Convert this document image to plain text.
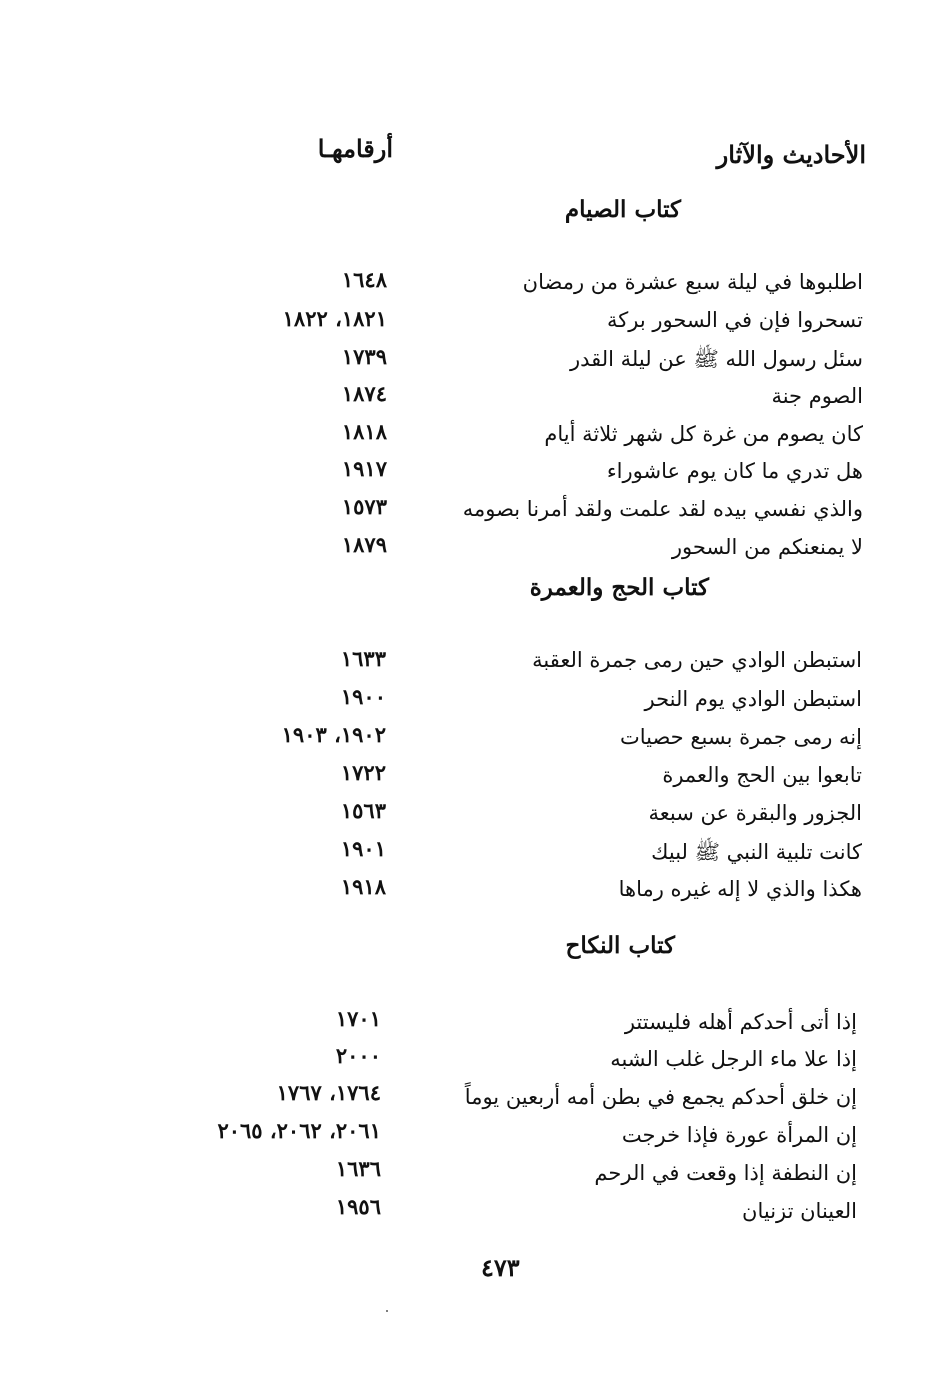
الأحاديث والآثار
أرقامهـا
كتاب الصيام
اطلبوها في ليلة سبع عشرة من رمضان
١٦٤٨
تسحروا فإن في السحور بركة
١٨٢١، ١٨٢٢
سئل رسول الله ﷺ عن ليلة القدر
١٧٣٩
الصوم جنة
١٨٧٤
كان يصوم من غرة كل شهر ثلاثة أيام
١٨١٨
هل تدري ما كان يوم عاشوراء
١٩١٧
والذي نفسي بيده لقد علمت ولقد أمرنا بصومه
١٥٧٣
لا يمنعنكم من السحور
١٨٧٩
كتاب الحج والعمرة
استبطن الوادي حين رمى جمرة العقبة
١٦٣٣
استبطن الوادي يوم النحر
١٩٠٠
إنه رمى جمرة بسبع حصيات
١٩٠٢، ١٩٠٣
تابعوا بين الحج والعمرة
١٧٢٢
الجزور والبقرة عن سبعة
١٥٦٣
كانت تلبية النبي ﷺ لبيك
١٩٠١
هكذا والذي لا إله غيره رماها
١٩١٨
كتاب النكاح
إذا أتى أحدكم أهله فليستتر
١٧٠١
إذا علا ماء الرجل غلب الشبه
٢٠٠٠
إن خلق أحدكم يجمع في بطن أمه أربعين يوماً
١٧٦٤، ١٧٦٧
إن المرأة عورة فإذا خرجت
٢٠٦١، ٢٠٦٢، ٢٠٦٥
إن النطفة إذا وقعت في الرحم
١٦٣٦
العينان تزنيان
١٩٥٦
٤٧٣
